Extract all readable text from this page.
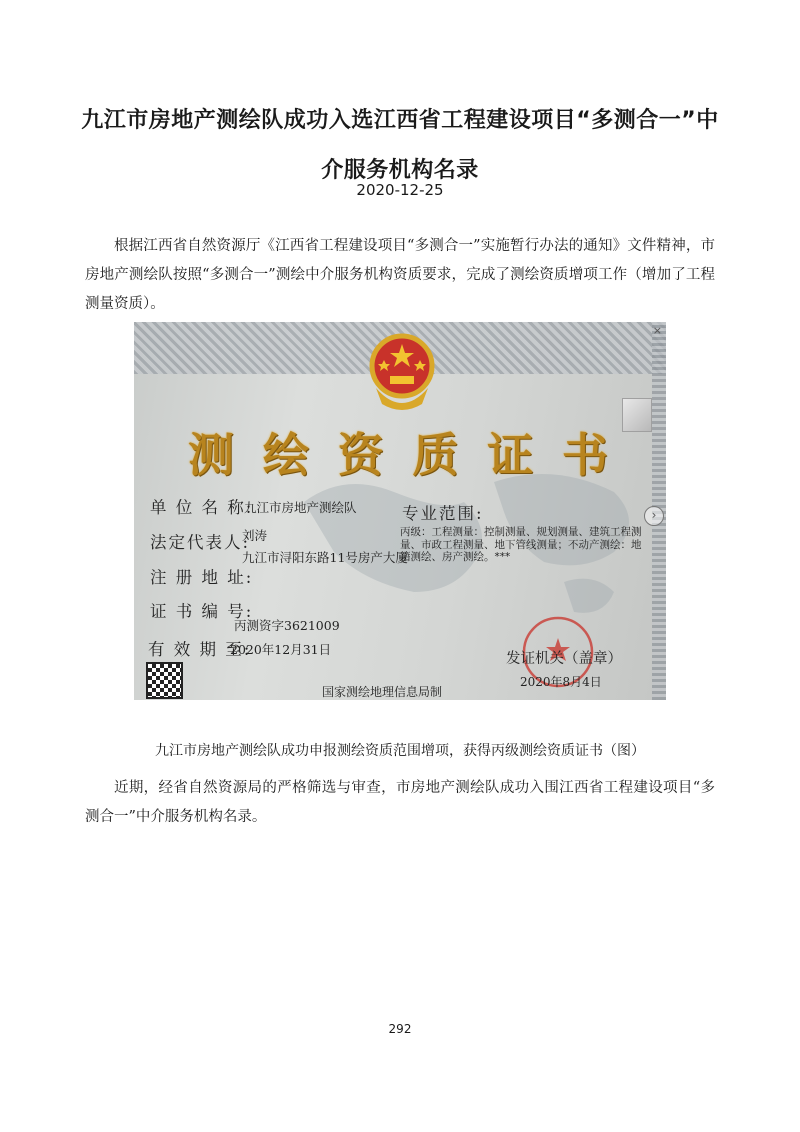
九江市房地产测绘队成功入选江西省工程建设项目“多测合一”中介服务机构名录
2020-12-25

根据江西省自然资源厅《江西省工程建设项目“多测合一”实施暂行办法的通知》文件精神，市房地产测绘队按照“多测合一”测绘中介服务机构资质要求，完成了测绘资质增项工作（增加了工程测量资质）。

测 绘 资 质 证 书
单 位 名 称:
九江市房地产测绘队	专业范围:
丙级：工程测量：控制测量、规划测量、建筑工程测量、市政工程测量、地下管线测量；不动产测绘：地籍测绘、房产测绘。***
法定代表人:
刘涛
九江市浔阳东路11号房产大厦
注 册 地 址:
证 书 编 号:
丙测资字3621009
有 效 期 至:
2020年12月31日
发证机关（盖章）
2020年8月4日
国家测绘地理信息局制
×
›

九江市房地产测绘队成功申报测绘资质范围增项，获得丙级测绘资质证书（图）

近期，经省自然资源局的严格筛选与审查，市房地产测绘队成功入围江西省工程建设项目“多测合一”中介服务机构名录。

292
